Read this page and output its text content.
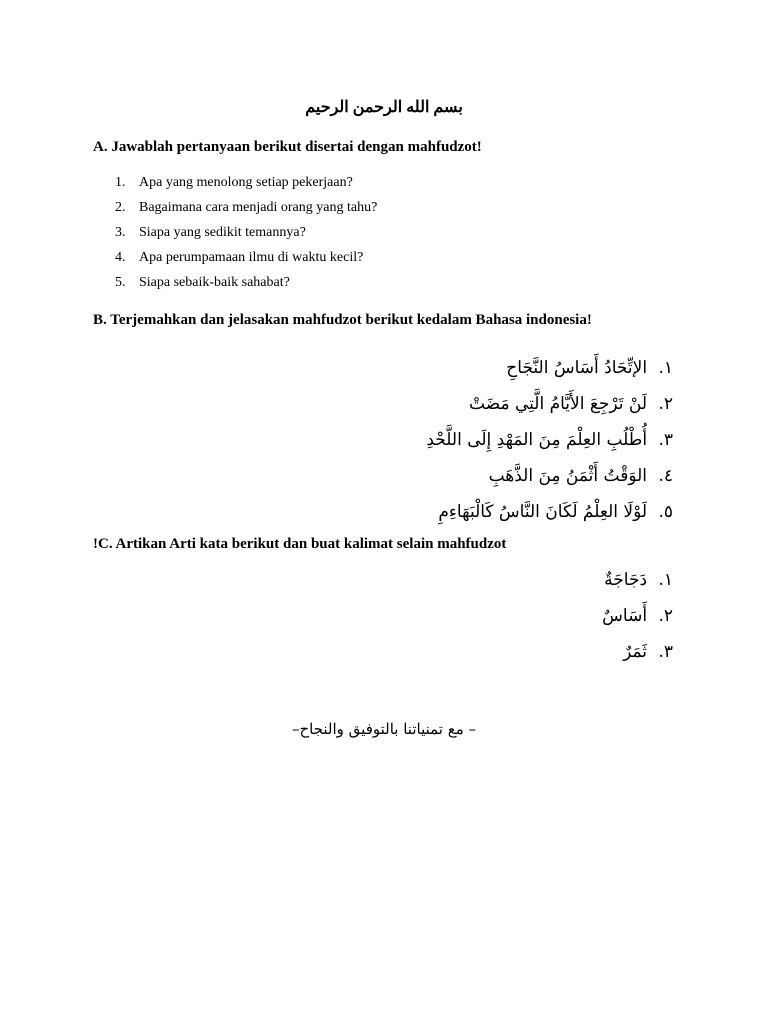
بسم الله الرحمن الرحيم
A. Jawablah pertanyaan berikut disertai dengan mahfudzot!
1. Apa yang menolong setiap pekerjaan?
2. Bagaimana cara menjadi orang yang tahu?
3. Siapa yang sedikit temannya?
4. Apa perumpamaan ilmu di waktu kecil?
5. Siapa sebaik-baik sahabat?
B. Terjemahkan dan jelasakan mahfudzot berikut kedalam Bahasa indonesia!
١. الإتِّحَادُ أَسَاسُ النَّجَاحِ
٢. لَنْ تَرْجِعَ الأَيَّامُ الَّتِي مَضَتْ
٣. أُطْلُبِ العِلْمَ مِنَ المَهْدِ إِلَى اللَّحْدِ
٤. الوَقْتُ أَثْمَنُ مِنَ الذَّهَبِ
٥. لَوْلَا العِلْمُ لَكَانَ النَّاسُ كَالْبَهَاءِمِ
!C. Artikan Arti kata berikut dan buat kalimat selain mahfudzot
١. دَجَاجَةٌ
٢. أَسَاسٌ
٣. ثَمَرٌ
– مع تمنياتنا بالتوفيق والنجاح–
